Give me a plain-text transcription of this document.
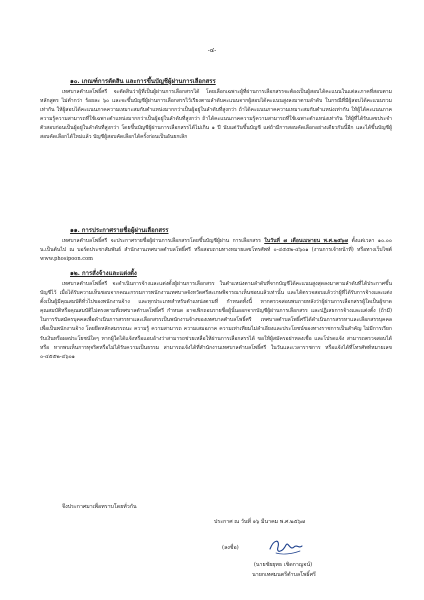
-๔-

๑๐. เกณฑ์การตัดสิน และการขึ้นบัญชีผู้ผ่านการเลือกสรร

เทศบาลตำบลโพธิ์ศรี จะตัดสินว่าผู้ที่เป็นผู้ผ่านการเลือกสรรได้ โดยเลือกเฉพาะผู้ที่ผ่านการเลือกสรรจะต้องเป็นผู้สอบได้คะแนนในแต่ละภาคที่สอบตามหลักสูตร ไม่ต่ำกว่า ร้อยละ ๖๐ และจะขึ้นบัญชีผู้ผ่านการเลือกสรรไว้เรียงตามลำดับคะแนนจากผู้สอบได้คะแนนสูงลงมาตามลำดับ ในกรณีที่มีผู้สอบได้คะแนนรวมเท่ากัน ให้ผู้สอบได้คะแนนภาคความเหมาะสมกับตำแหน่งมากกว่าเป็นผู้อยู่ในลำดับที่สูงกว่า ถ้าได้คะแนนภาคความเหมาะสมกับตำแหน่งเท่ากัน ให้ผู้ได้คะแนนภาคความรู้ความสามารถที่ใช้เฉพาะตำแหน่งมากกว่าเป็นผู้อยู่ในลำดับที่สูงกว่า ถ้าได้คะแนนภาคความรู้ความสามารถที่ใช้เฉพาะตำแหน่งเท่ากัน ให้ผู้ที่ได้รับเลขประจำตัวสอบก่อนเป็นผู้อยู่ในลำดับที่สูงกว่า โดยขึ้นบัญชีผู้ผ่านการเลือกสรรได้ไม่เกิน ๑ ปี นับแต่วันขึ้นบัญชี แต่ถ้ามีการสอบคัดเลือกอย่างเดียวกันนี้อีก และได้ขึ้นบัญชีผู้สอบคัดเลือกได้ใหม่แล้ว บัญชีผู้สอบคัดเลือกได้ครั้งก่อนเป็นอันยกเลิก

๑๑. การประกาศรายชื่อผู้ผ่านเลือกสรร

เทศบาลตำบลโพธิ์ศรี จะประกาศรายชื่อผู้ผ่านการเลือกสรรโดยขึ้นบัญชีผู้ผ่าน การเลือกสรร ในวันที่ ๗ เดือนเมษายน พ.ศ.๒๕๖๗ ตั้งแต่เวลา ๑๐.๐๐ น.เป็นต้นไป ณ บอร์ดประชาสัมพันธ์ สำนักงานเทศบาลตำบลโพธิ์ศรี หรือสอบถามทางหมายเลขโทรศัพท์ ๐-๔๕๕๒-๔๖๐๑ (งานการเจ้าหน้าที่) หรือทางเว็บไซต์ www.phosipoon.com

๑๒. การสั่งจ้างและแต่งตั้ง

เทศบาลตำบลโพธิ์ศรี จะดำเนินการจ้างและแต่งตั้งผู้ผ่านการเลือกสรร ในตำแหน่งตามลำดับที่จากบัญชีได้คะแนนสูงสุดลงมาตามลำดับที่ได้ประกาศขึ้นบัญชีไว้ เมื่อได้รับความเห็นชอบจากคณะกรรมการพนักงานเทศบาลจังหวัดศรีสะเกษพิจารณาเห็นชอบแล้วเท่านั้น และได้ตรวจสอบแล้วว่าผู้ที่ได้รับการจ้างและแต่งตั้งเป็นผู้มีคุณสมบัติทั่วไปของพนักงานจ้าง และทุกประเภทสำหรับตำแหน่งตามที่ กำหนดทั้งนี้ หากตรวจสอบพบภายหลังว่าผู้ผ่านการเลือกสรรผู้ใดเป็นผู้ขาดคุณสมบัติหรือคุณสมบัติไม่ตรงตามที่เทศบาลตำบลโพธิ์ศรี กำหนด อาจเพิกถอนรายชื่อผู้นั้นออกจากบัญชีผู้ผ่านการเลือกสรร และปฏิเสธการจ้างและแต่งตั้ง (ถ้ามี) ในการรับสมัครบุคคลเพื่อดำเนินการสรรหาและเลือกสรรเป็นพนักงานจ้างของเทศบาลตำบลโพธิ์ศรี เทศบาลตำบลโพธิ์ศรีได้ดำเนินการสรรหาและเลือกสรรบุคคลเพื่อเป็นพนักงานจ้าง โดยยึดหลักสมรรถนะ ความรู้ ความสามารถ ความเสมอภาค ความเท่าเทียมไม่ลำเอียงและประโยชน์ของทางราชการเป็นสำคัญ ไม่มีการเรียกรับเงินหรือผลประโยชน์ใดๆ หากผู้ใดได้แจ้งหรือแอบอ้างว่าสามารถช่วยเหลือให้ผ่านการเลือกสรรได้ ขอให้ผู้สมัครอย่าหลงเชื่อ และโปรดแจ้ง สามารถตรวจสอบได้ หรือ หากพบเห็นการทุจริตหรือไม่ได้รับความเป็นธรรม สามารถแจ้งได้ที่สำนักงานเทศบาลตำบลโพธิ์ศรี ในวันและเวลาราชการ หรือแจ้งได้ที่โทรศัพท์หมายเลข ๐-๔๕๕๒-๔๖๐๑

จึงประกาศมาเพื่อทราบโดยทั่วกัน
ประกาศ ณ วันที่ ๑๖ มีนาคม พ.ศ.๒๕๖๗
(ลงชื่อ)
(นายชัยยุทธ เชิดกาญจน์)
นายกเทศมนตรีตำบลโพธิ์ศรี
